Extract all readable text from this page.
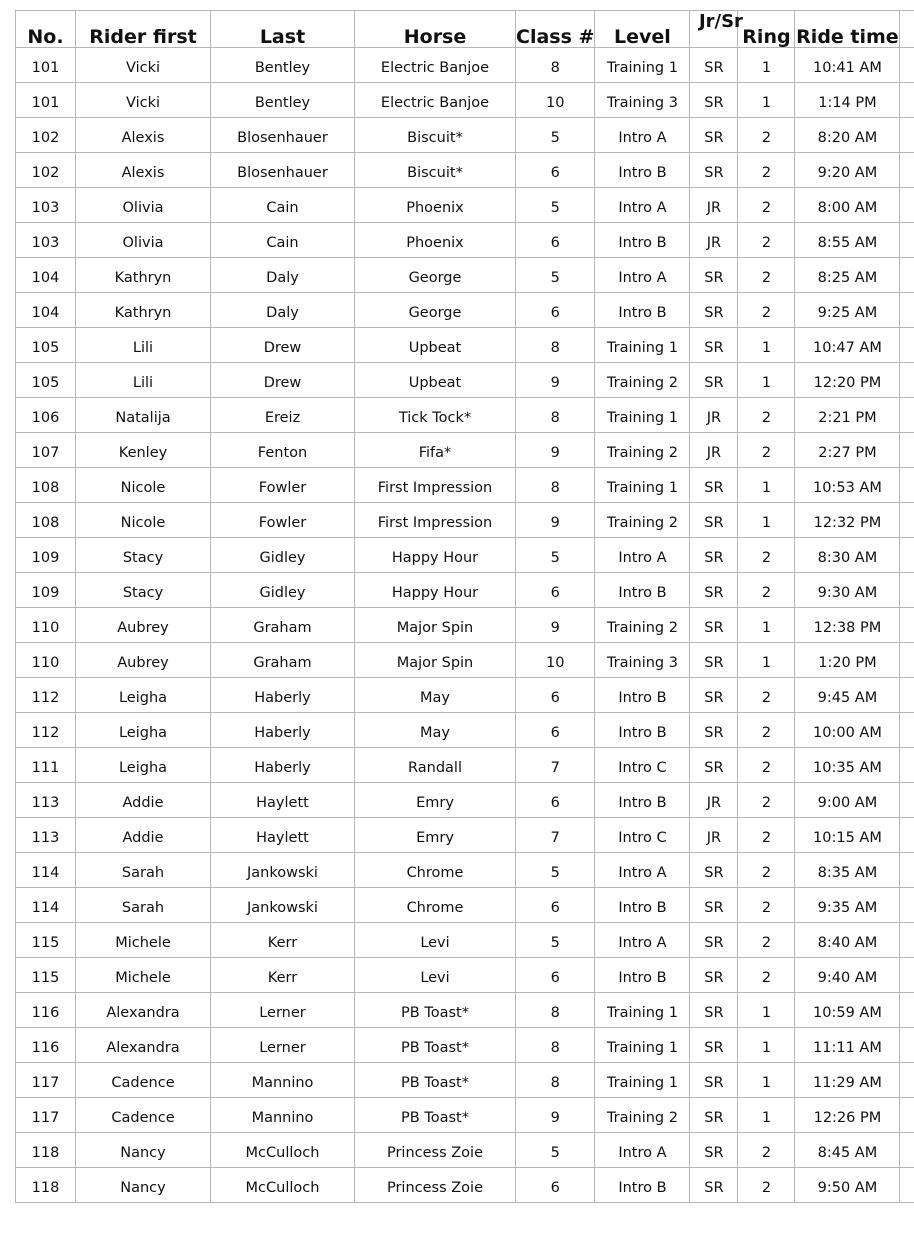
No.	Rider first	Last	Horse	Class #	Level	Jr/Sr	Ring	Ride time	
101	Vicki	Bentley	Electric Banjoe	8	Training 1	SR	1	10:41 AM	
101	Vicki	Bentley	Electric Banjoe	10	Training 3	SR	1	1:14 PM	
102	Alexis	Blosenhauer	Biscuit*	5	Intro A	SR	2	8:20 AM	
102	Alexis	Blosenhauer	Biscuit*	6	Intro B	SR	2	9:20 AM	
103	Olivia	Cain	Phoenix	5	Intro A	JR	2	8:00 AM	
103	Olivia	Cain	Phoenix	6	Intro B	JR	2	8:55 AM	
104	Kathryn	Daly	George	5	Intro A	SR	2	8:25 AM	
104	Kathryn	Daly	George	6	Intro B	SR	2	9:25 AM	
105	Lili	Drew	Upbeat	8	Training 1	SR	1	10:47 AM	
105	Lili	Drew	Upbeat	9	Training 2	SR	1	12:20 PM	
106	Natalija	Ereiz	Tick Tock*	8	Training 1	JR	2	2:21 PM	
107	Kenley	Fenton	Fifa*	9	Training 2	JR	2	2:27 PM	
108	Nicole	Fowler	First Impression	8	Training 1	SR	1	10:53 AM	
108	Nicole	Fowler	First Impression	9	Training 2	SR	1	12:32 PM	
109	Stacy	Gidley	Happy Hour	5	Intro A	SR	2	8:30 AM	
109	Stacy	Gidley	Happy Hour	6	Intro B	SR	2	9:30 AM	
110	Aubrey	Graham	Major Spin	9	Training 2	SR	1	12:38 PM	
110	Aubrey	Graham	Major Spin	10	Training 3	SR	1	1:20 PM	
112	Leigha	Haberly	May	6	Intro B	SR	2	9:45 AM	
112	Leigha	Haberly	May	6	Intro B	SR	2	10:00 AM	
111	Leigha	Haberly	Randall	7	Intro C	SR	2	10:35 AM	
113	Addie	Haylett	Emry	6	Intro B	JR	2	9:00 AM	
113	Addie	Haylett	Emry	7	Intro C	JR	2	10:15 AM	
114	Sarah	Jankowski	Chrome	5	Intro A	SR	2	8:35 AM	
114	Sarah	Jankowski	Chrome	6	Intro B	SR	2	9:35 AM	
115	Michele	Kerr	Levi	5	Intro A	SR	2	8:40 AM	
115	Michele	Kerr	Levi	6	Intro B	SR	2	9:40 AM	
116	Alexandra	Lerner	PB Toast*	8	Training 1	SR	1	10:59 AM	
116	Alexandra	Lerner	PB Toast*	8	Training 1	SR	1	11:11 AM	
117	Cadence	Mannino	PB Toast*	8	Training 1	SR	1	11:29 AM	
117	Cadence	Mannino	PB Toast*	9	Training 2	SR	1	12:26 PM	
118	Nancy	McCulloch	Princess Zoie	5	Intro A	SR	2	8:45 AM	
118	Nancy	McCulloch	Princess Zoie	6	Intro B	SR	2	9:50 AM	
